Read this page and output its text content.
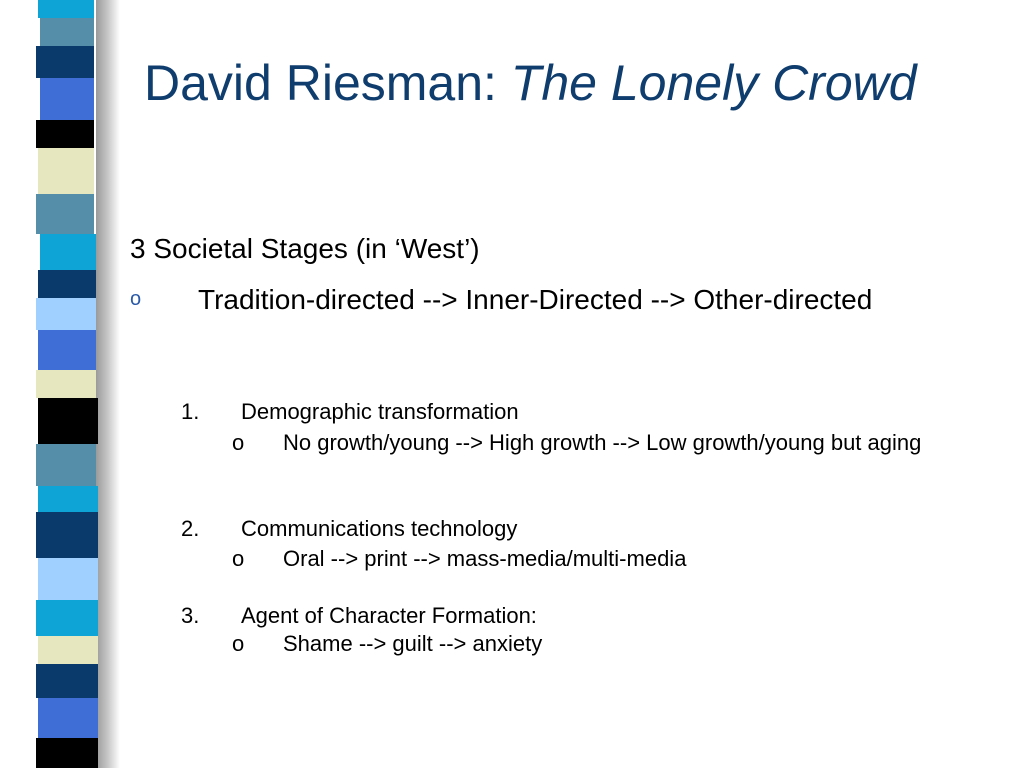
David Riesman: The Lonely Crowd

3 Societal Stages (in ‘West’)

o Tradition-directed --> Inner-Directed --> Other-directed
1. Demographic transformation
o No growth/young --> High growth --> Low growth/young but aging
2. Communications technology
o Oral --> print --> mass-media/multi-media
3. Agent of Character Formation:
o Shame --> guilt --> anxiety
